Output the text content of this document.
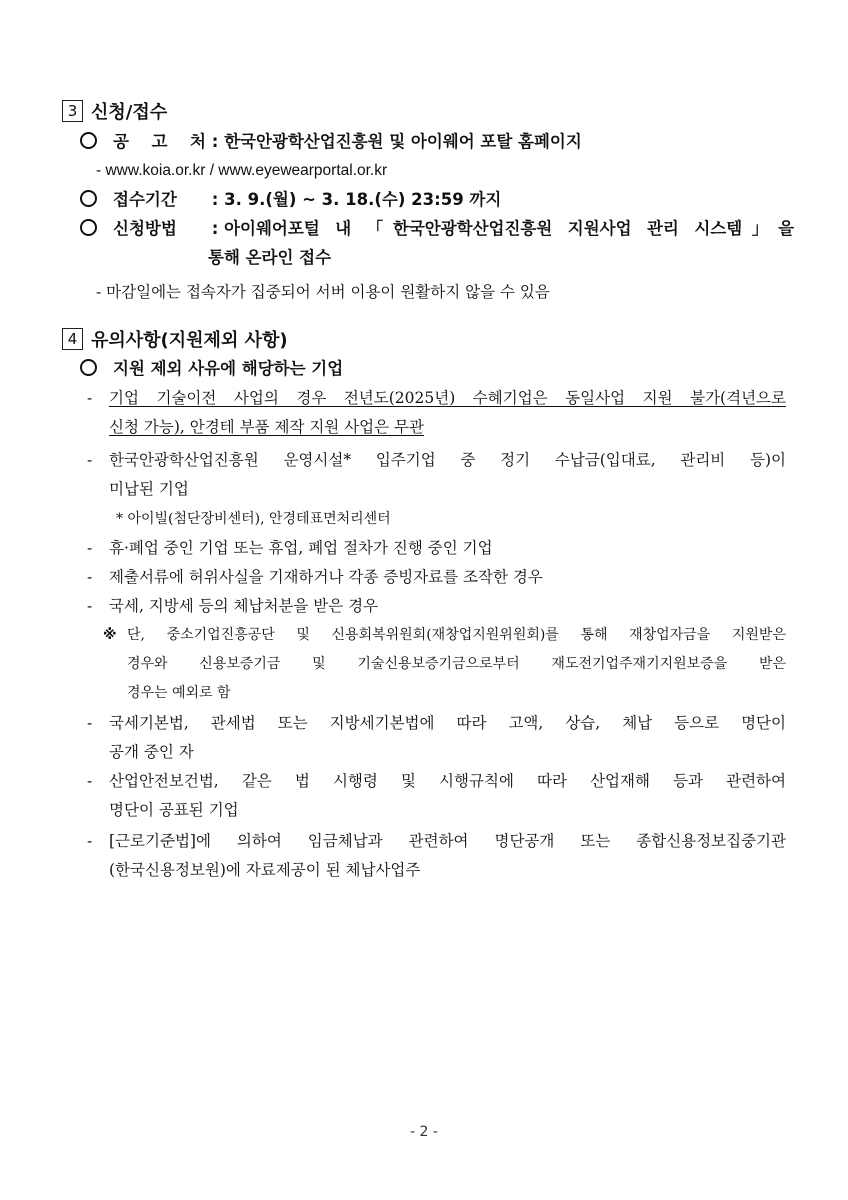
3 신청/접수
공 고 처 : 한국안광학산업진흥원 및 아이웨어 포탈 홈페이지
- www.koia.or.kr / www.eyewearportal.or.kr
접수기간 : 3. 9.(월) ~ 3. 18.(수) 23:59 까지
신청방법 : 아이웨어포털 내 「한국안광학산업진흥원 지원사업 관리 시스템」을
통해 온라인 접수
- 마감일에는 접속자가 집중되어 서버 이용이 원활하지 않을 수 있음
4 유의사항(지원제외 사항)
지원 제외 사유에 해당하는 기업
- 기업 기술이전 사업의 경우 전년도(2025년) 수혜기업은 동일사업 지원 불가(격년으로
신청 가능), 안경테 부품 제작 지원 사업은 무관
- 한국안광학산업진흥원 운영시설* 입주기업 중 정기 수납금(입대료, 관리비 등)이
미납된 기업
* 아이빌(첨단장비센터), 안경테표면처리센터
- 휴·폐업 중인 기업 또는 휴업, 폐업 절차가 진행 중인 기업
- 제출서류에 허위사실을 기재하거나 각종 증빙자료를 조작한 경우
- 국세, 지방세 등의 체납처분을 받은 경우
※ 단, 중소기업진흥공단 및 신용회복위원회(재창업지원위원회)를 통해 재창업자금을 지원받은
경우와 신용보증기금 및 기술신용보증기금으로부터 재도전기업주재기지원보증을 받은
경우는 예외로 함
- 국세기본법, 관세법 또는 지방세기본법에 따라 고액, 상습, 체납 등으로 명단이
공개 중인 자
- 산업안전보건법, 같은 법 시행령 및 시행규칙에 따라 산업재해 등과 관련하여
명단이 공표된 기업
- [근로기준법]에 의하여 임금체납과 관련하여 명단공개 또는 종합신용정보집중기관
(한국신용정보원)에 자료제공이 된 체납사업주
- 2 -
